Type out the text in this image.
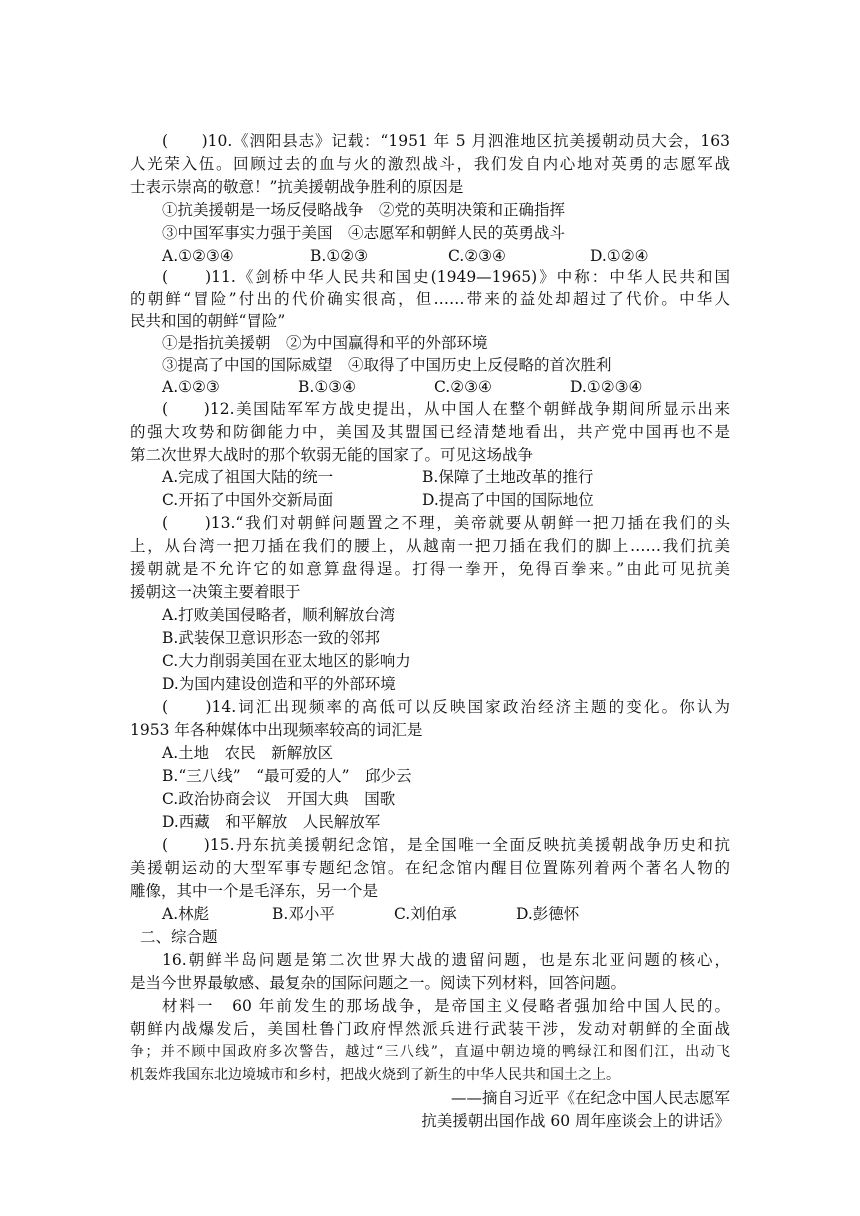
(　　)10.《泗阳县志》记载：“1951 年 5 月泗淮地区抗美援朝动员大会，163
人光荣入伍。回顾过去的血与火的激烈战斗，我们发自内心地对英勇的志愿军战
士表示崇高的敬意！”抗美援朝战争胜利的原因是
①抗美援朝是一场反侵略战争　②党的英明决策和正确指挥
③中国军事实力强于美国　④志愿军和朝鲜人民的英勇战斗
A.①②③④	B.①②③	C.②③④	D.①②④
(　　)11.《剑桥中华人民共和国史(1949—1965)》中称：中华人民共和国
的朝鲜“冒险”付出的代价确实很高，但……带来的益处却超过了代价。中华人
民共和国的朝鲜“冒险”
①是指抗美援朝　②为中国赢得和平的外部环境
③提高了中国的国际威望　④取得了中国历史上反侵略的首次胜利
A.①②③	B.①③④	C.②③④	D.①②③④
(　　)12.美国陆军军方战史提出，从中国人在整个朝鲜战争期间所显示出来
的强大攻势和防御能力中，美国及其盟国已经清楚地看出，共产党中国再也不是
第二次世界大战时的那个软弱无能的国家了。可见这场战争
A.完成了祖国大陆的统一	B.保障了土地改革的推行
C.开拓了中国外交新局面	D.提高了中国的国际地位
(　　)13.“我们对朝鲜问题置之不理，美帝就要从朝鲜一把刀插在我们的头
上，从台湾一把刀插在我们的腰上，从越南一把刀插在我们的脚上……我们抗美
援朝就是不允许它的如意算盘得逞。打得一拳开，免得百拳来。”由此可见抗美
援朝这一决策主要着眼于
A.打败美国侵略者，顺利解放台湾
B.武装保卫意识形态一致的邻邦
C.大力削弱美国在亚太地区的影响力
D.为国内建设创造和平的外部环境
(　　)14.词汇出现频率的高低可以反映国家政治经济主题的变化。你认为
1953 年各种媒体中出现频率较高的词汇是
A.土地　农民　新解放区
B.“三八线”　“最可爱的人”　邱少云
C.政治协商会议　开国大典　国歌
D.西藏　和平解放　人民解放军
(　　)15.丹东抗美援朝纪念馆，是全国唯一全面反映抗美援朝战争历史和抗
美援朝运动的大型军事专题纪念馆。在纪念馆内醒目位置陈列着两个著名人物的
雕像，其中一个是毛泽东，另一个是
A.林彪	B.邓小平	C.刘伯承	D.彭德怀
二、综合题
16.朝鲜半岛问题是第二次世界大战的遗留问题，也是东北亚问题的核心，
是当今世界最敏感、最复杂的国际问题之一。阅读下列材料，回答问题。
材料一　60 年前发生的那场战争，是帝国主义侵略者强加给中国人民的。
朝鲜内战爆发后，美国杜鲁门政府悍然派兵进行武装干涉，发动对朝鲜的全面战
争；并不顾中国政府多次警告，越过“三八线”，直逼中朝边境的鸭绿江和图们江，出动飞
机轰炸我国东北边境城市和乡村，把战火烧到了新生的中华人民共和国土之上。
——摘自习近平《在纪念中国人民志愿军
抗美援朝出国作战 60 周年座谈会上的讲话》
